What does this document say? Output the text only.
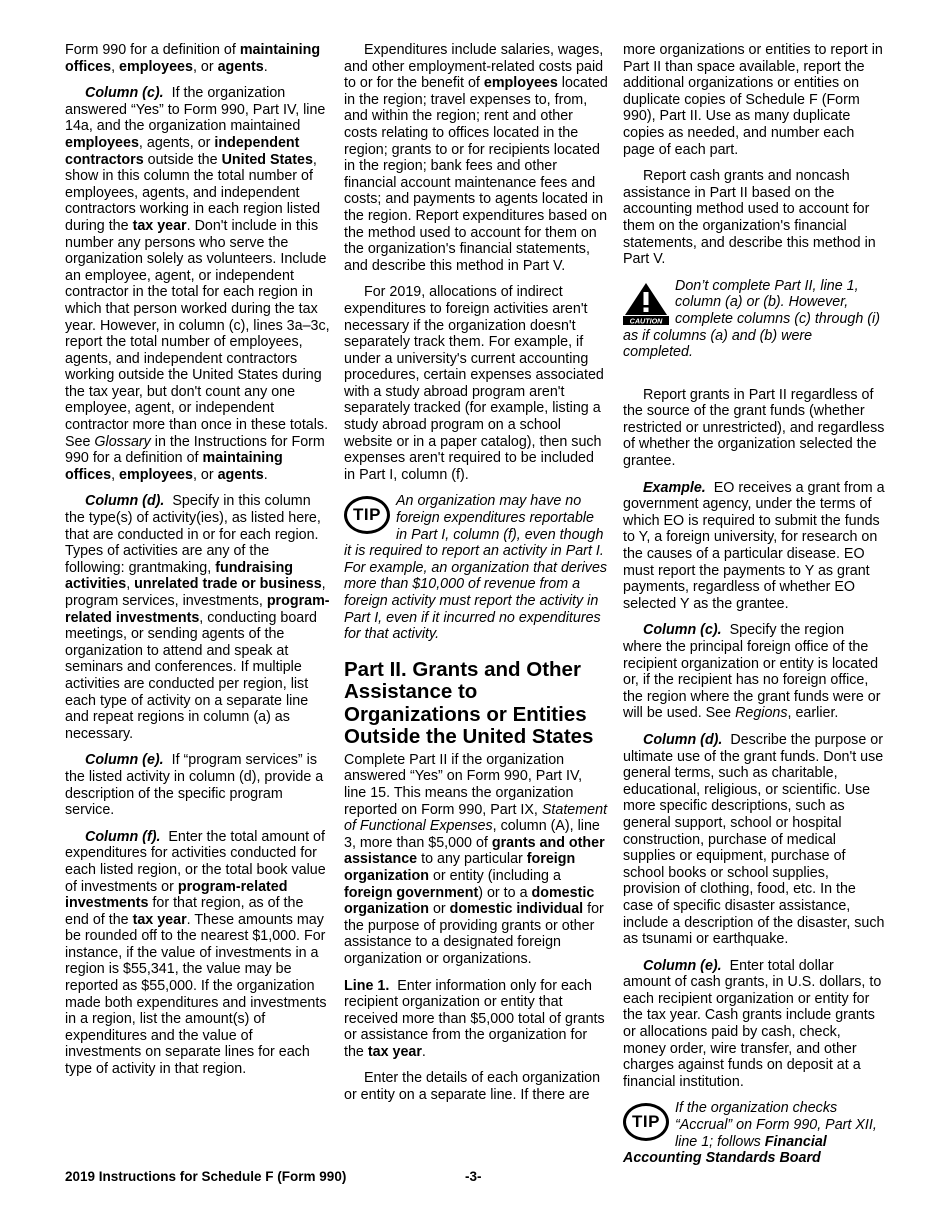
Form 990 for a definition of maintaining offices, employees, or agents.

Column (c). If the organization answered “Yes” to Form 990, Part IV, line 14a, and the organization maintained employees, agents, or independent contractors outside the United States, show in this column the total number of employees, agents, and independent contractors working in each region listed during the tax year. Don't include in this number any persons who serve the organization solely as volunteers. Include an employee, agent, or independent contractor in the total for each region in which that person worked during the tax year. However, in column (c), lines 3a–3c, report the total number of employees, agents, and independent contractors working outside the United States during the tax year, but don't count any one employee, agent, or independent contractor more than once in these totals. See Glossary in the Instructions for Form 990 for a definition of maintaining offices, employees, or agents.

Column (d). Specify in this column the type(s) of activity(ies), as listed here, that are conducted in or for each region. Types of activities are any of the following: grantmaking, fundraising activities, unrelated trade or business, program services, investments, program-related investments, conducting board meetings, or sending agents of the organization to attend and speak at seminars and conferences. If multiple activities are conducted per region, list each type of activity on a separate line and repeat regions in column (a) as necessary.

Column (e). If “program services” is the listed activity in column (d), provide a description of the specific program service.

Column (f). Enter the total amount of expenditures for activities conducted for each listed region, or the total book value of investments or program-related investments for that region, as of the end of the tax year. These amounts may be rounded off to the nearest $1,000. For instance, if the value of investments in a region is $55,341, the value may be reported as $55,000. If the organization made both expenditures and investments in a region, list the amount(s) of expenditures and the value of investments on separate lines for each type of activity in that region.

Expenditures include salaries, wages, and other employment-related costs paid to or for the benefit of employees located in the region; travel expenses to, from, and within the region; rent and other costs relating to offices located in the region; grants to or for recipients located in the region; bank fees and other financial account maintenance fees and costs; and payments to agents located in the region. Report expenditures based on the method used to account for them on the organization's financial statements, and describe this method in Part V.

For 2019, allocations of indirect expenditures to foreign activities aren't necessary if the organization doesn't separately track them. For example, if under a university's current accounting procedures, certain expenses associated with a study abroad program aren't separately tracked (for example, listing a study abroad program on a school website or in a paper catalog), then such expenses aren't required to be included in Part I, column (f).

TIP
An organization may have no foreign expenditures reportable in Part I, column (f), even though it is required to report an activity in Part I. For example, an organization that derives more than $10,000 of revenue from a foreign activity must report the activity in Part I, even if it incurred no expenditures for that activity.
Part II. Grants and Other Assistance to Organizations or Entities Outside the United States

Complete Part II if the organization answered “Yes” on Form 990, Part IV, line 15. This means the organization reported on Form 990, Part IX, Statement of Functional Expenses, column (A), line 3, more than $5,000 of grants and other assistance to any particular foreign organization or entity (including a foreign government) or to a domestic organization or domestic individual for the purpose of providing grants or other assistance to a designated foreign organization or organizations.

Line 1. Enter information only for each recipient organization or entity that received more than $5,000 total of grants or assistance from the organization for the tax year.

Enter the details of each organization or entity on a separate line. If there are

more organizations or entities to report in Part II than space available, report the additional organizations or entities on duplicate copies of Schedule F (Form 990), Part II. Use as many duplicate copies as needed, and number each page of each part.

Report cash grants and noncash assistance in Part II based on the accounting method used to account for them on the organization's financial statements, and describe this method in Part V.

CAUTION
Don’t complete Part II, line 1, column (a) or (b). However, complete columns (c) through (i) as if columns (a) and (b) were completed.

Report grants in Part II regardless of the source of the grant funds (whether restricted or unrestricted), and regardless of whether the organization selected the grantee.

Example. EO receives a grant from a government agency, under the terms of which EO is required to submit the funds to Y, a foreign university, for research on the causes of a particular disease. EO must report the payments to Y as grant payments, regardless of whether EO selected Y as the grantee.

Column (c). Specify the region where the principal foreign office of the recipient organization or entity is located or, if the recipient has no foreign office, the region where the grant funds were or will be used. See Regions, earlier.

Column (d). Describe the purpose or ultimate use of the grant funds. Don't use general terms, such as charitable, educational, religious, or scientific. Use more specific descriptions, such as general support, school or hospital construction, purchase of medical supplies or equipment, purchase of school books or school supplies, provision of clothing, food, etc. In the case of specific disaster assistance, include a description of the disaster, such as tsunami or earthquake.

Column (e). Enter total dollar amount of cash grants, in U.S. dollars, to each recipient organization or entity for the tax year. Cash grants include grants or allocations paid by cash, check, money order, wire transfer, and other charges against funds on deposit at a financial institution.

TIP
If the organization checks “Accrual” on Form 990, Part XII, line 1; follows Financial Accounting Standards Board
2019 Instructions for Schedule F (Form 990)	-3-
